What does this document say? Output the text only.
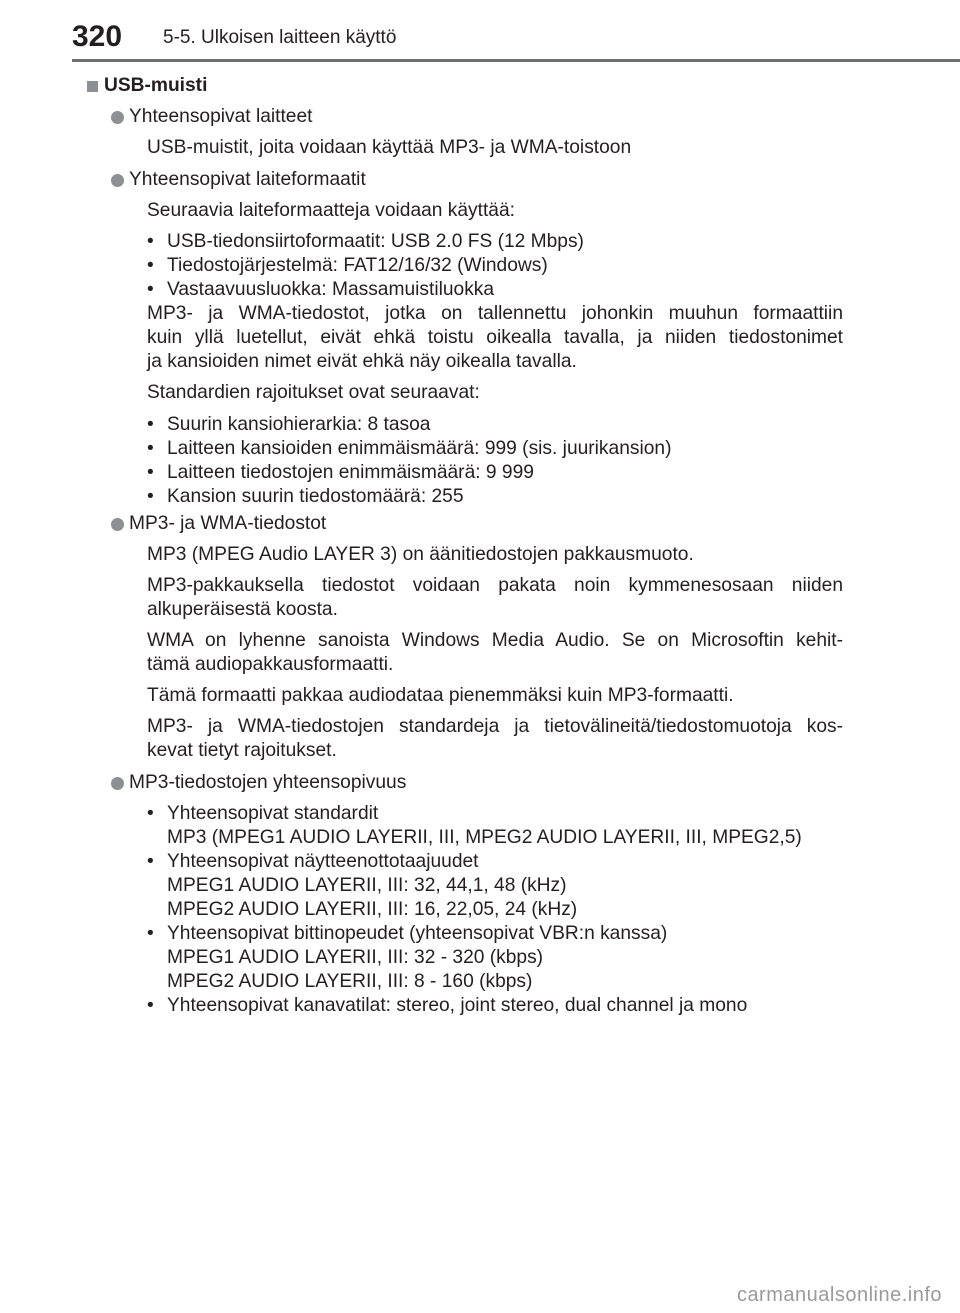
320 5-5. Ulkoisen laitteen käyttö
USB-muisti
Yhteensopivat laitteet
USB-muistit, joita voidaan käyttää MP3- ja WMA-toistoon
Yhteensopivat laiteformaatit
Seuraavia laiteformaatteja voidaan käyttää:
• USB-tiedonsiirtoformaatit: USB 2.0 FS (12 Mbps)
• Tiedostojärjestelmä: FAT12/16/32 (Windows)
• Vastaavuusluokka: Massamuistiluokka
MP3- ja WMA-tiedostot, jotka on tallennettu johonkin muuhun formaattiin
kuin yllä luetellut, eivät ehkä toistu oikealla tavalla, ja niiden tiedostonimet
ja kansioiden nimet eivät ehkä näy oikealla tavalla.
Standardien rajoitukset ovat seuraavat:
• Suurin kansiohierarkia: 8 tasoa
• Laitteen kansioiden enimmäismäärä: 999 (sis. juurikansion)
• Laitteen tiedostojen enimmäismäärä: 9 999
• Kansion suurin tiedostomäärä: 255
MP3- ja WMA-tiedostot
MP3 (MPEG Audio LAYER 3) on äänitiedostojen pakkausmuoto.
MP3-pakkauksella tiedostot voidaan pakata noin kymmenesosaan niiden
alkuperäisestä koosta.
WMA on lyhenne sanoista Windows Media Audio. Se on Microsoftin kehit-
tämä audiopakkausformaatti.
Tämä formaatti pakkaa audiodataa pienemmäksi kuin MP3-formaatti.
MP3- ja WMA-tiedostojen standardeja ja tietovälineitä/tiedostomuotoja kos-
kevat tietyt rajoitukset.
MP3-tiedostojen yhteensopivuus
• Yhteensopivat standardit
MP3 (MPEG1 AUDIO LAYERII, III, MPEG2 AUDIO LAYERII, III, MPEG2,5)
• Yhteensopivat näytteenottotaajuudet
MPEG1 AUDIO LAYERII, III: 32, 44,1, 48 (kHz)
MPEG2 AUDIO LAYERII, III: 16, 22,05, 24 (kHz)
• Yhteensopivat bittinopeudet (yhteensopivat VBR:n kanssa)
MPEG1 AUDIO LAYERII, III: 32 - 320 (kbps)
MPEG2 AUDIO LAYERII, III: 8 - 160 (kbps)
• Yhteensopivat kanavatilat: stereo, joint stereo, dual channel ja mono
carmanualsonline.info
